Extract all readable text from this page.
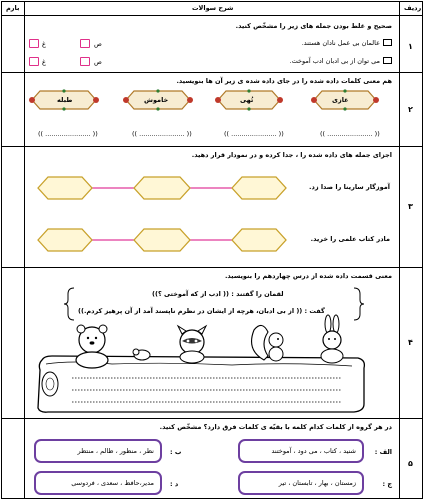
بارم	شرح سوالات	ردیف
۱
صحیح و غلط بودن جمله های زیر را مشخّص کنید.
عالمان بی عمل نادان هستند.
ص
غ
می توان از بی ادبان ادب آموخت.
ص
غ
۲
هم معنی کلمات داده شده را در جای داده شده ی زیر آن ها بنویسید.
غازی
تُهی
خاموش
طبله
(( ...................... ))
(( ...................... ))
(( ...................... ))
(( ...................... ))
۳
اجزای جمله های داده شده را ، جدا کرده و در نمودار قرار دهید.
آموزگار سارینا را صدا زد.
مادر کتاب علمی را خرید.
۴
معنی قسمت داده شده از درس چهاردهم را بنویسید.
لقمان را گفتند : (( ادب از که آموختی ؟))
گفت : (( از بی ادبان، هرچه از ایشان در نظرم ناپسند آمد از آن پرهیز کردم.))
۵
در هر گروه از کلمات کدام کلمه با بقیّه ی کلمات فرق دارد؟ مشخّص کنید.
الف :
شنید ، کتاب ، می دود ، آموختند
ب :
نظر ، منظور ، ظالم ، منتظر
ج :
زمستان ، بهار ، تابستان ، تیر
د :
مدیر،حافظ ، سعدی ، فردوسی
